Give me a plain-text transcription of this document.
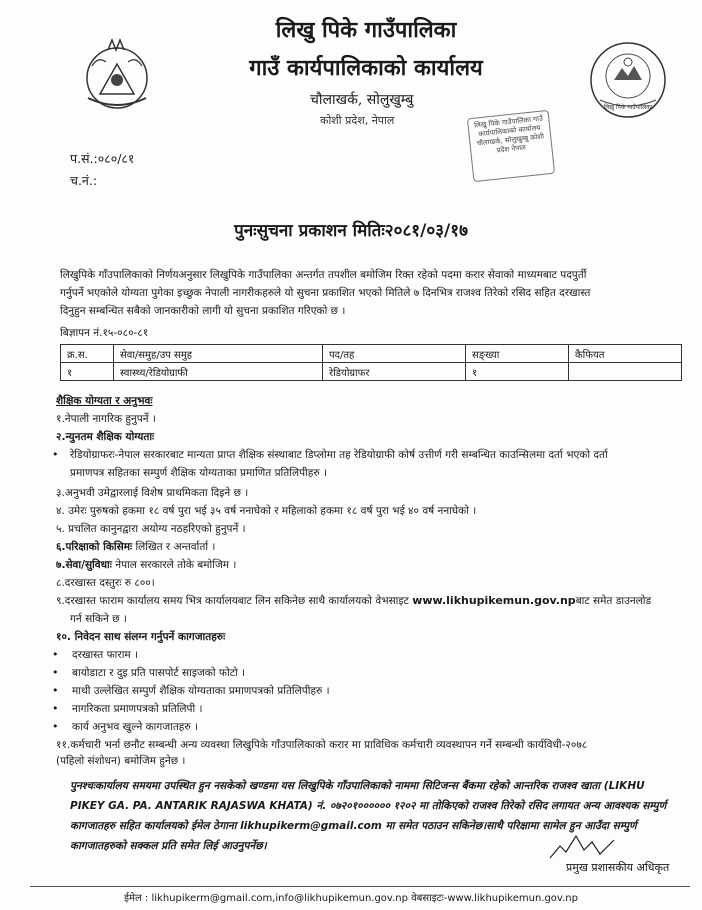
लिखु पिके गाउँपालिका
गाउँ कार्यपालिकाको कार्यालय
चौलाखर्क, सोलुखुम्बु
कोशी प्रदेश, नेपाल
लिखु पिके गाउँपालिका
लिखु पिके गाउँपालिका गाउँ कार्यपालिकाको कार्यालय चौलाखर्क, सोलुखुम्बु कोशी प्रदेश नेपाल
प.सं.:०८०/८१
च.नं.:
पुनःसुचना प्रकाशन मितिः२०८१/०३/१७
लिखुपिके गाँउपालिकाको निर्णयअनुसार लिखुपिके गाउँपालिका अन्तर्गत तपशील बमोजिम रिक्त रहेको पदमा करार सेवाको माध्यमबाट पदपुर्ती
गर्नुपर्ने भएकोले योग्यता पुगेका इच्छुक नेपाली नागरीकहरुले यो सुचना प्रकाशित भएको मितिले ७ दिनभित्र राजश्व तिरेको रसिद सहित दरखास्त
दिनुहुन सम्बन्धित सबैको जानकारीको लागी यो सुचना प्रकाशित गरिएको छ ।
बिज्ञापन नं.१५-०८०-८१
क्र.स.	सेवा/समुह/उप समुह	पद/तह	सङ्ख्या	कैफियत
१	स्वास्थ्य/रेडियोग्राफी	रेडियोग्राफर	१	
शैक्षिक योग्यता र अनुभवः
१.नेपाली नागरिक हुनुपर्ने ।
२.न्युनतम शैक्षिक योग्यताः
• रेडियोग्राफरः-नेपाल सरकारबाट मान्यता प्राप्त शैक्षिक संस्थाबाट डिप्लोमा तह रेडियोग्राफी कोर्ष उत्तीर्ण गरी सम्बन्धित काउन्सिलमा दर्ता भएको दर्ता
प्रमाणपत्र सहितका सम्पुर्ण शैक्षिक योग्यताका प्रमाणित प्रतिलिपीहरु ।
३.अनुभवी उमेद्वारलाई विशेष प्राथमिकता दिइने छ ।
४. उमेरः पुरुषको हकमा १८ वर्ष पुरा भई ३५ वर्ष ननाघेको र महिलाको हकमा १८ वर्ष पुरा भई ४० वर्ष ननाघेको ।
५. प्रचलित कानुनद्वारा अयोग्य नठहरिएको हुनुपर्ने ।
६.परिक्षाको किसिमः लिखित र अन्तर्वार्ता ।
७.सेवा/सुविधाः नेपाल सरकारले तोके बमोजिम ।
८.दरखास्त दस्तुरः रु ८००।
९.दरखास्त फाराम कार्यालय समय भित्र कार्यालयबाट लिन सकिनेछ साथै कार्यालयको वेभसाइट www.likhupikemun.gov.npबाट समेत डाउनलोड
गर्न सकिने छ ।
१०. निवेदन साथ संलग्न गर्नुपर्ने कागजातहरुः
• दरखास्त फाराम ।
• बायोडाटा र दुइ प्रति पासपोर्ट साइजको फोटो ।
• माथी उल्लेखित सम्पुर्ण शैक्षिक योग्यताका प्रमाणपत्रको प्रतिलिपीहरु ।
• नागरिकता प्रमाणपत्रको प्रतिलिपी ।
• कार्य अनुभव खुल्ने कागजातहरु ।
११.कर्मचारी भर्ना छनौट सम्बन्धी अन्य व्यवस्था लिखुपिके गाँउपालिकाको करार मा प्राविधिक कर्मचारी व्यवस्थापन गर्ने सम्बन्धी कार्यविधी-२०७८
(पहिलो संशोधन) बमोजिम हुनेछ ।
पुनश्चःकार्यालय समयमा उपस्थित हुन नसकेको खण्डमा यस लिखुपिके गाँउपालिकाको नाममा सिटिजन्स बैंकमा रहेको आन्तरिक राजश्व खाता (LIKHU
PIKEY GA. PA. ANTARIK RAJASWA KHATA) नं. ०७२०१०००००० १२०२ मा तोकिएको राजश्व तिरेको रसिद लगायत अन्य आवश्यक सम्पुर्ण
कागजातहरु सहित कार्यालयको ईमेल ठेगाना likhupikerm@gmail.com मा समेत पठाउन सकिनेछ।साथै परिक्षामा सामेल हुन आउँदा सम्पुर्ण
कागजातहरुको सक्कल प्रति समेत लिई आउनुपर्नेछ।
प्रमुख प्रशासकीय अधिकृत
ईमेल : likhupikerm@gmail.com,info@likhupikemun.gov.np वेबसाइटः-www.likhupikemun.gov.np
